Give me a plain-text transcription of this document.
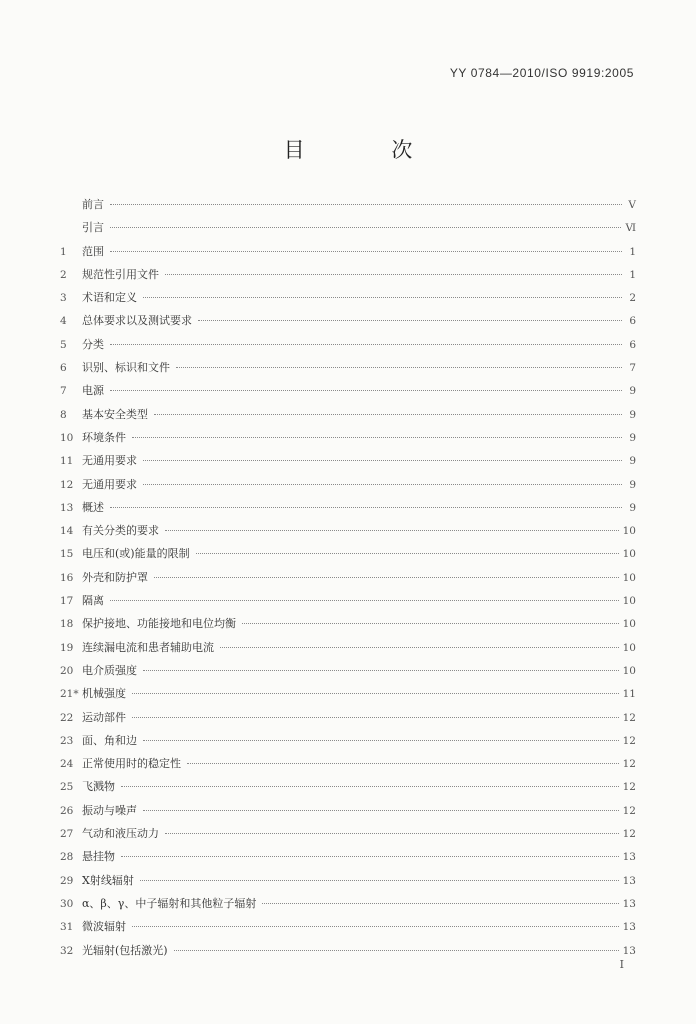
YY 0784—2010/ISO 9919:2005
目 次
前言	V
引言	Ⅵ
1	范围	1
2	规范性引用文件	1
3	术语和定义	2
4	总体要求以及测试要求	6
5	分类	6
6	识别、标识和文件	7
7	电源	9
8	基本安全类型	9
10 环境条件	9
11 无通用要求	9
12 无通用要求	9
13 概述	9
14 有关分类的要求	10
15 电压和(或)能量的限制	10
16 外壳和防护罩	10
17 隔离	10
18 保护接地、功能接地和电位均衡	10
19 连续漏电流和患者辅助电流	10
20 电介质强度	10
21* 机械强度	11
22 运动部件	12
23 面、角和边	12
24 正常使用时的稳定性	12
25 飞溅物	12
26 振动与噪声	12
27 气动和液压动力	12
28 悬挂物	13
29 X射线辐射	13
30 α、β、γ、中子辐射和其他粒子辐射	13
31 微波辐射	13
32 光辐射(包括激光)	13
I
